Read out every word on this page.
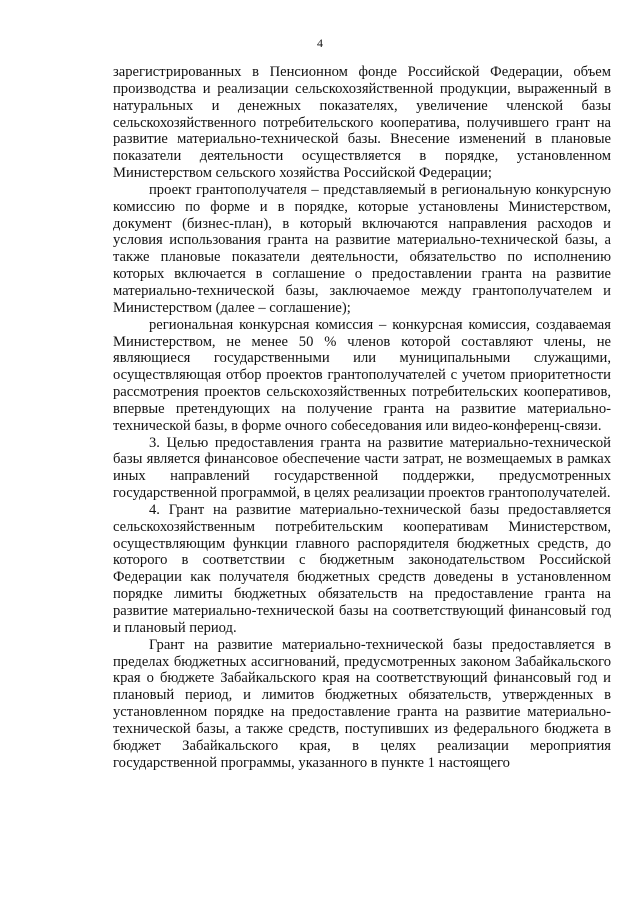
4

зарегистрированных в Пенсионном фонде Российской Федерации, объем производства и реализации сельскохозяйственной продукции, выраженный в натуральных и денежных показателях, увеличение членской базы сельскохозяйственного потребительского кооператива, получившего грант на развитие материально-технической базы. Внесение изменений в плановые показатели деятельности осуществляется в порядке, установленном Министерством сельского хозяйства Российской Федерации;

проект грантополучателя – представляемый в региональную конкурсную комиссию по форме и в порядке, которые установлены Министерством, документ (бизнес-план), в который включаются направления расходов и условия использования гранта на развитие материально-технической базы, а также плановые показатели деятельности, обязательство по исполнению которых включается в соглашение о предоставлении гранта на развитие материально-технической базы, заключаемое между грантополучателем и Министерством (далее – соглашение);

региональная конкурсная комиссия – конкурсная комиссия, создаваемая Министерством, не менее 50 % членов которой составляют члены, не являющиеся государственными или муниципальными служащими, осуществляющая отбор проектов грантополучателей с учетом приоритетности рассмотрения проектов сельскохозяйственных потребительских кооперативов, впервые претендующих на получение гранта на развитие материально-технической базы, в форме очного собеседования или видео-конференц-связи.

3. Целью предоставления гранта на развитие материально-технической базы является финансовое обеспечение части затрат, не возмещаемых в рамках иных направлений государственной поддержки, предусмотренных государственной программой, в целях реализации проектов грантополучателей.

4. Грант на развитие материально-технической базы предоставляется сельскохозяйственным потребительским кооперативам Министерством, осуществляющим функции главного распорядителя бюджетных средств, до которого в соответствии с бюджетным законодательством Российской Федерации как получателя бюджетных средств доведены в установленном порядке лимиты бюджетных обязательств на предоставление гранта на развитие материально-технической базы на соответствующий финансовый год и плановый период.

Грант на развитие материально-технической базы предоставляется в пределах бюджетных ассигнований, предусмотренных законом Забайкальского края о бюджете Забайкальского края на соответствующий финансовый год и плановый период, и лимитов бюджетных обязательств, утвержденных в установленном порядке на предоставление гранта на развитие материально-технической базы, а также средств, поступивших из федерального бюджета в бюджет Забайкальского края, в целях реализации мероприятия государственной программы, указанного в пункте 1 настоящего
